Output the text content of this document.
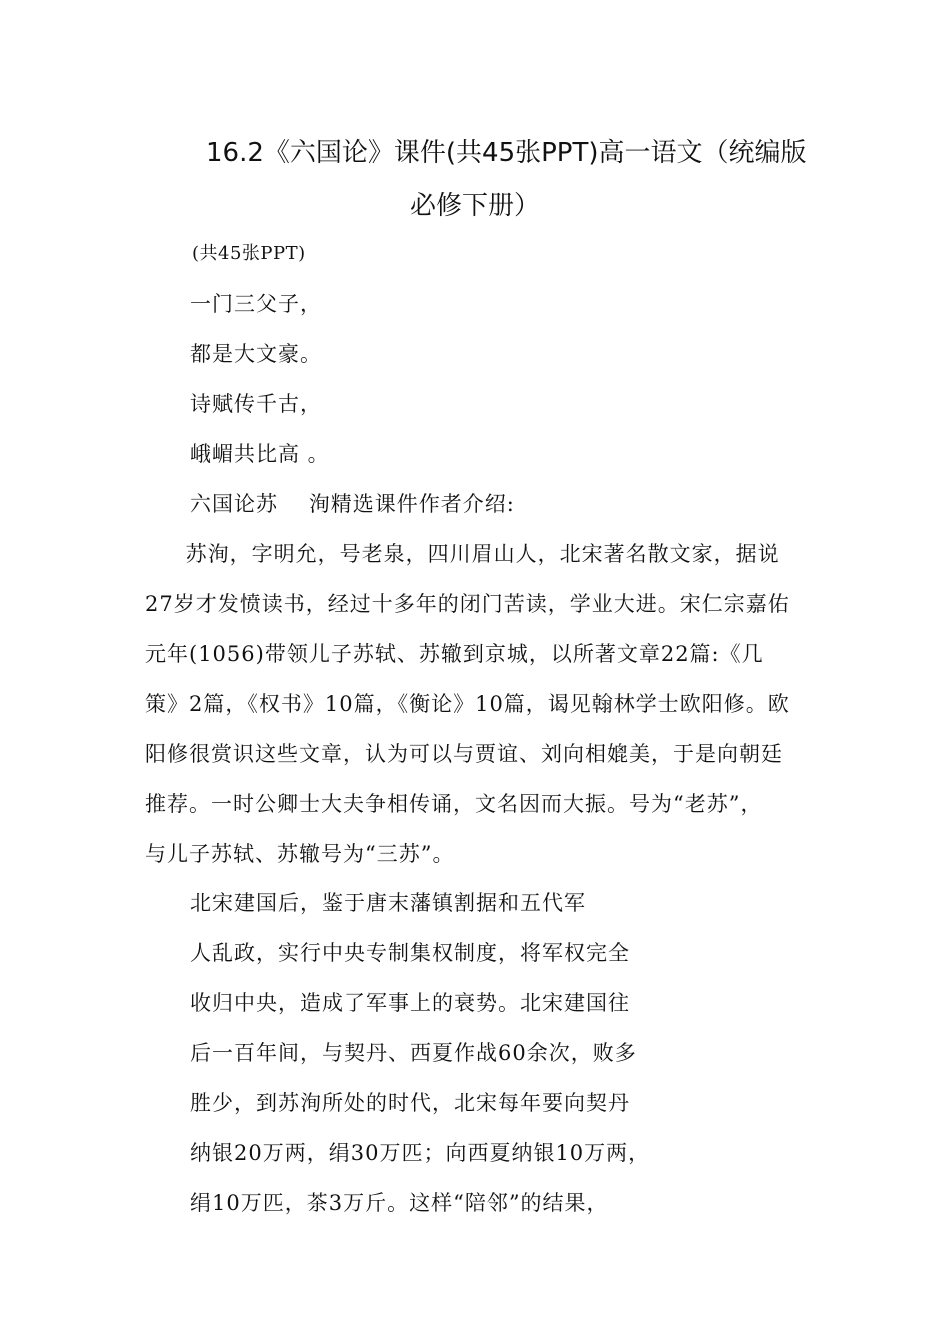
16.2《六国论》课件(共45张PPT)高一语文（统编版
必修下册）
(共45张PPT)
一门三父子，
都是大文豪。
诗赋传千古，
峨嵋共比高 。
六国论苏    洵精选课件作者介绍:
苏洵，字明允，号老泉，四川眉山人，北宋著名散文家，据说
27岁才发愤读书，经过十多年的闭门苦读，学业大进。宋仁宗嘉佑
元年(1056)带领儿子苏轼、苏辙到京城，以所著文章22篇:《几
策》2篇，《权书》10篇，《衡论》10篇，谒见翰林学士欧阳修。欧
阳修很赏识这些文章，认为可以与贾谊、刘向相媲美，于是向朝廷
推荐。一时公卿士大夫争相传诵，文名因而大振。号为“老苏”，
与儿子苏轼、苏辙号为“三苏”。
北宋建国后，鉴于唐末藩镇割据和五代军
人乱政，实行中央专制集权制度，将军权完全
收归中央，造成了军事上的衰势。北宋建国往
后一百年间，与契丹、西夏作战60余次，败多
胜少，到苏洵所处的时代，北宋每年要向契丹
纳银20万两，绢30万匹；向西夏纳银10万两，
绢10万匹，茶3万斤。这样“陪邻”的结果，
